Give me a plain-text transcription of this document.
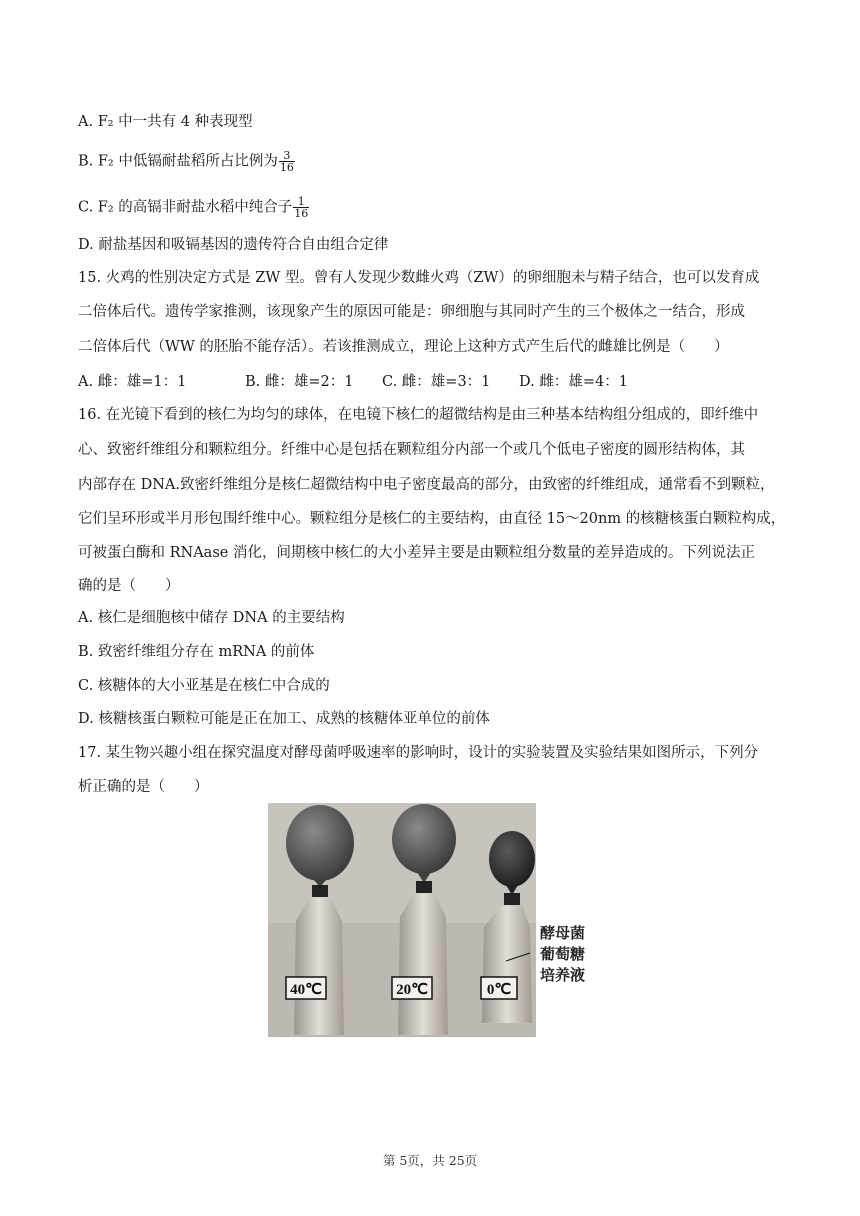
A. F₂ 中一共有 4 种表现型
B. F₂ 中低镉耐盐稻所占比例为 $\frac{3}{16}$
C. F₂ 的高镉非耐盐水稻中纯合子 $\frac{1}{16}$
D. 耐盐基因和吸镉基因的遗传符合自由组合定律
15. 火鸡的性别决定方式是 ZW 型。曾有人发现少数雌火鸡（ZW）的卵细胞未与精子结合，也可以发育成
二倍体后代。遗传学家推测，该现象产生的原因可能是：卵细胞与其同时产生的三个极体之一结合，形成
二倍体后代（WW 的胚胎不能存活）。若该推测成立，理论上这种方式产生后代的雌雄比例是（　　）
A. 雌：雄=1：1	B. 雌：雄=2：1 C. 雌：雄=3：1 D. 雌：雄=4：1
16. 在光镜下看到的核仁为均匀的球体，在电镜下核仁的超微结构是由三种基本结构组分组成的，即纤维中
心、致密纤维组分和颗粒组分。纤维中心是包括在颗粒组分内部一个或几个低电子密度的圆形结构体，其
内部存在 DNA.致密纤维组分是核仁超微结构中电子密度最高的部分，由致密的纤维组成，通常看不到颗粒，
它们呈环形或半月形包围纤维中心。颗粒组分是核仁的主要结构，由直径 15～20nm 的核糖核蛋白颗粒构成，
可被蛋白酶和 RNAase 消化，间期核中核仁的大小差异主要是由颗粒组分数量的差异造成的。下列说法正
确的是（　　）
A. 核仁是细胞核中储存 DNA 的主要结构
B. 致密纤维组分存在 mRNA 的前体
C. 核糖体的大小亚基是在核仁中合成的
D. 核糖核蛋白颗粒可能是正在加工、成熟的核糖体亚单位的前体
17. 某生物兴趣小组在探究温度对酵母菌呼吸速率的影响时，设计的实验装置及实验结果如图所示，下列分
析正确的是（　　）
40℃	20℃	0℃
酵母菌
葡萄糖
培养液
第 5页，共 25页
